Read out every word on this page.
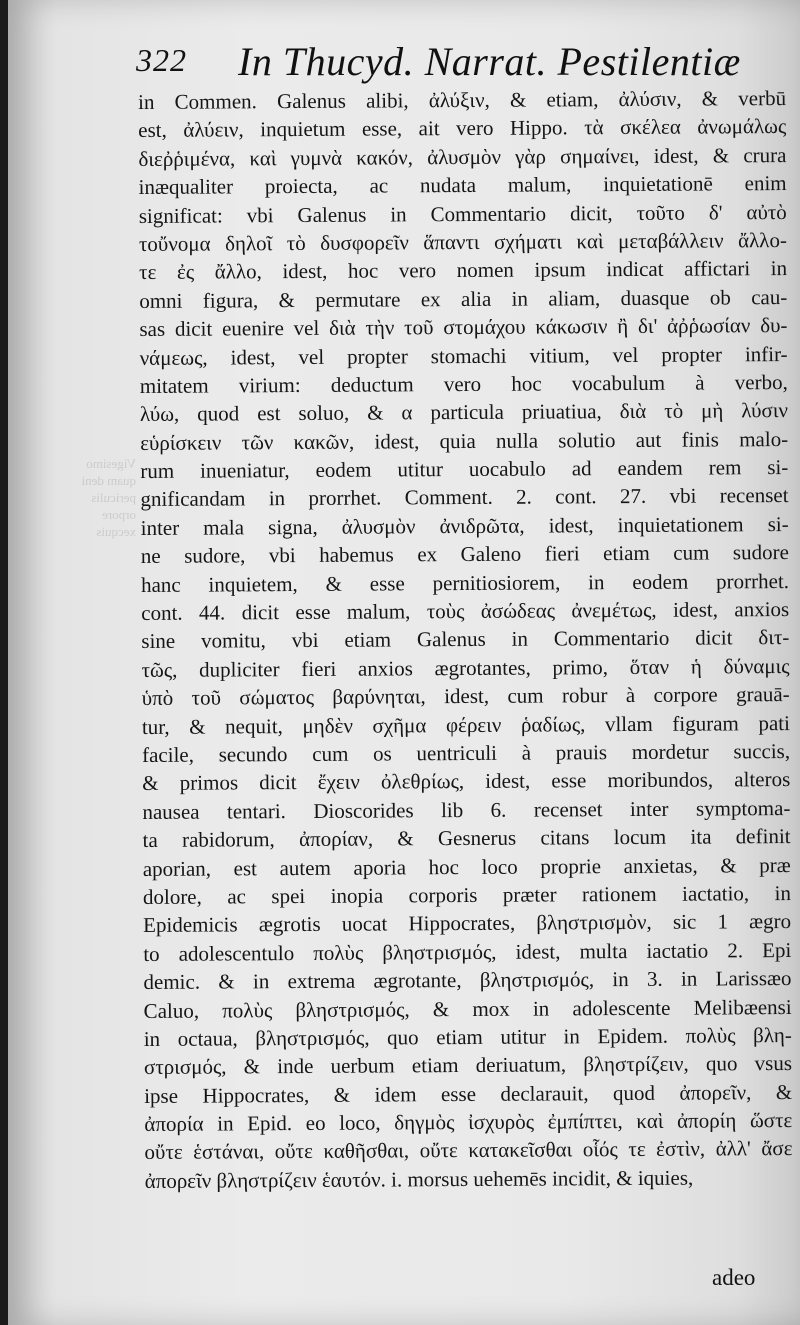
Vigesimo
quam deni
periculis
orpore
xecquis
322 In Thucyd. Narrat. Pestilentiæ
in Commen. Galenus alibi, ἀλύξιν, & etiam, ἀλύσιν, & verbū
est, ἀλύειν, inquietum esse, ait vero Hippo. τὰ σκέλεα ἀνωμάλως
διεῤῥιμένα, καὶ γυμνὰ κακόν, ἀλυσμὸν γὰρ σημαίνει, idest, & crura
inæqualiter proiecta, ac nudata malum, inquietationē enim
significat: vbi Galenus in Commentario dicit, τοῦτο δ' αὐτὸ
τοὔνομα δηλοῖ τὸ δυσφορεῖν ἅπαντι σχήματι καὶ μεταβάλλειν ἄλλο-
τε ἐς ἄλλο, idest, hoc vero nomen ipsum indicat affictari in
omni figura, & permutare ex alia in aliam, duasque ob cau-
sas dicit euenire vel διὰ τὴν τοῦ στομάχου κάκωσιν ἢ δι' ἀῤῥωσίαν δυ-
νάμεως, idest, vel propter stomachi vitium, vel propter infir-
mitatem virium: deductum vero hoc vocabulum à verbo,
λύω, quod est soluo, & α particula priuatiua, διὰ τὸ μὴ λύσιν
εὑρίσκειν τῶν κακῶν, idest, quia nulla solutio aut finis malo-
rum inueniatur, eodem utitur uocabulo ad eandem rem si-
gnificandam in prorrhet. Comment. 2. cont. 27. vbi recenset
inter mala signa, ἀλυσμὸν ἀνιδρῶτα, idest, inquietationem si-
ne sudore, vbi habemus ex Galeno fieri etiam cum sudore
hanc inquietem, & esse pernitiosiorem, in eodem prorrhet.
cont. 44. dicit esse malum, τοὺς ἀσώδεας ἀνεμέτως, idest, anxios
sine vomitu, vbi etiam Galenus in Commentario dicit διτ-
τῶς, dupliciter fieri anxios ægrotantes, primo, ὅταν ἡ δύναμις
ὑπὸ τοῦ σώματος βαρύνηται, idest, cum robur à corpore grauā-
tur, & nequit, μηδὲν σχῆμα φέρειν ῥαδίως, vllam figuram pati
facile, secundo cum os uentriculi à prauis mordetur succis,
& primos dicit ἔχειν ὀλεθρίως, idest, esse moribundos, alteros
nausea tentari. Dioscorides lib 6. recenset inter symptoma-
ta rabidorum, ἀπορίαν, & Gesnerus citans locum ita definit
aporian, est autem aporia hoc loco proprie anxietas, & præ
dolore, ac spei inopia corporis præter rationem iactatio, in
Epidemicis ægrotis uocat Hippocrates, βληστρισμὸν, sic 1 ægro
to adolescentulo πολὺς βληστρισμός, idest, multa iactatio 2. Epi
demic. & in extrema ægrotante, βληστρισμός, in 3. in Larissæo
Caluo, πολὺς βληστρισμός, & mox in adolescente Melibæensi
in octaua, βληστρισμός, quo etiam utitur in Epidem. πολὺς βλη-
στρισμός, & inde uerbum etiam deriuatum, βληστρίζειν, quo vsus
ipse Hippocrates, & idem esse declarauit, quod ἀπορεῖν, &
ἀπορία in Epid. eo loco, δηγμὸς ἰσχυρὸς ἐμπίπτει, καὶ ἀπορίη ὥστε
οὔτε ἑστάναι, οὔτε καθῆσθαι, οὔτε κατακεῖσθαι οἷός τε ἐστὶν, ἀλλ' ἄσε
ἀπορεῖν βληστρίζειν ἑαυτόν. i. morsus uehemēs incidit, & iquies,
adeo
